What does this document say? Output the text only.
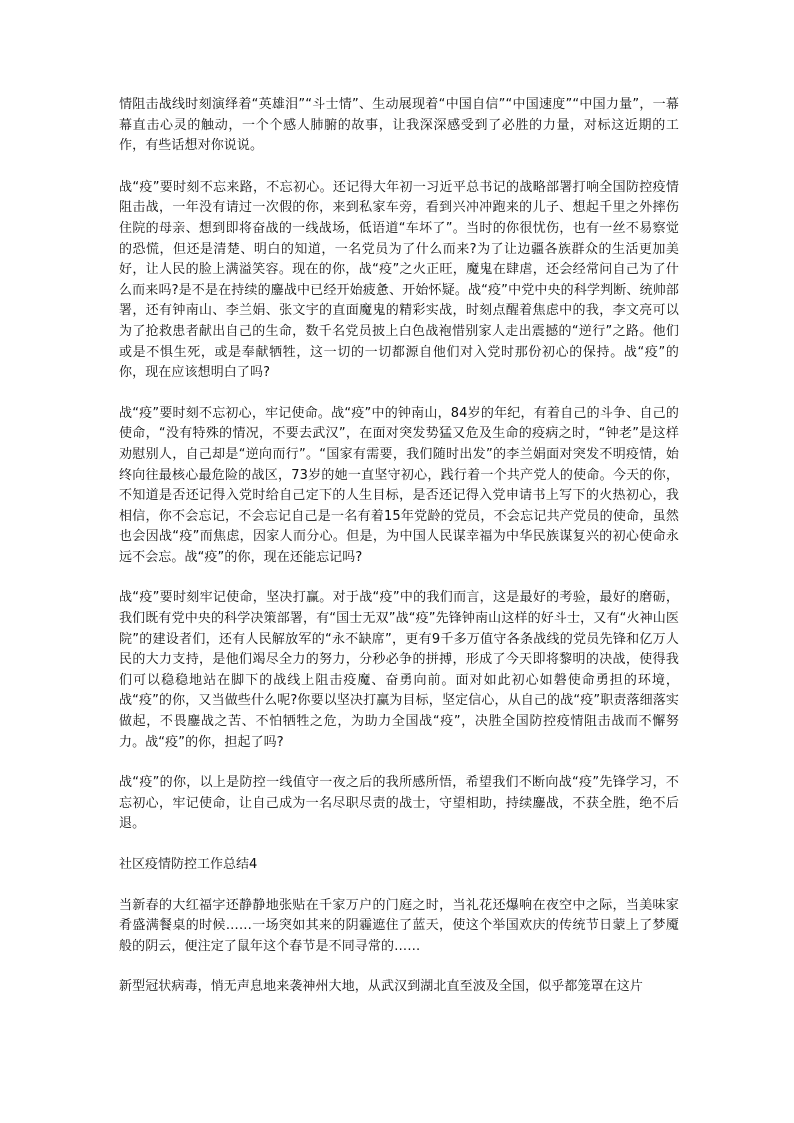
情阻击战线时刻演绎着“英雄泪”“斗士情”、生动展现着“中国自信”“中国速度”“中国力量”，一幕幕直击心灵的触动，一个个感人肺腑的故事，让我深深感受到了必胜的力量，对标这近期的工作，有些话想对你说说。

战“疫”要时刻不忘来路，不忘初心。还记得大年初一习近平总书记的战略部署打响全国防控疫情阻击战，一年没有请过一次假的你，来到私家车旁，看到兴冲冲跑来的儿子、想起千里之外摔伤住院的母亲、想到即将奋战的一线战场，低语道“车坏了”。当时的你很忧伤，也有一丝不易察觉的恐慌，但还是清楚、明白的知道，一名党员为了什么而来?为了让边疆各族群众的生活更加美好，让人民的脸上满溢笑容。现在的你，战“疫”之火正旺，魔鬼在肆虐，还会经常问自己为了什么而来吗?是不是在持续的鏖战中已经开始疲惫、开始怀疑。战“疫”中党中央的科学判断、统帅部署，还有钟南山、李兰娟、张文宇的直面魔鬼的精彩实战，时刻点醒着焦虑中的我，李文亮可以为了抢救患者献出自己的生命，数千名党员披上白色战袍惜别家人走出震撼的“逆行”之路。他们或是不惧生死，或是奉献牺牲，这一切的一切都源自他们对入党时那份初心的保持。战“疫”的你，现在应该想明白了吗?

战“疫”要时刻不忘初心，牢记使命。战“疫”中的钟南山，84岁的年纪，有着自己的斗争、自己的使命，“没有特殊的情况，不要去武汉”，在面对突发势猛又危及生命的疫病之时，“钟老”是这样劝慰别人，自己却是“逆向而行”。“国家有需要，我们随时出发”的李兰娟面对突发不明疫情，始终向往最核心最危险的战区，73岁的她一直坚守初心，践行着一个共产党人的使命。今天的你，不知道是否还记得入党时给自己定下的人生目标，是否还记得入党申请书上写下的火热初心，我相信，你不会忘记，不会忘记自己是一名有着15年党龄的党员，不会忘记共产党员的使命，虽然也会因战“疫”而焦虑，因家人而分心。但是，为中国人民谋幸福为中华民族谋复兴的初心使命永远不会忘。战“疫”的你，现在还能忘记吗?

战“疫”要时刻牢记使命，坚决打赢。对于战“疫”中的我们而言，这是最好的考验，最好的磨砺，我们既有党中央的科学决策部署，有“国士无双”战“疫”先锋钟南山这样的好斗士，又有“火神山医院”的建设者们，还有人民解放军的“永不缺席”，更有9千多万值守各条战线的党员先锋和亿万人民的大力支持，是他们竭尽全力的努力，分秒必争的拼搏，形成了今天即将黎明的决战，使得我们可以稳稳地站在脚下的战线上阻击疫魔、奋勇向前。面对如此初心如磐使命勇担的环境，战“疫”的你，又当做些什么呢?你要以坚决打赢为目标，坚定信心，从自己的战“疫”职责落细落实做起，不畏鏖战之苦、不怕牺牲之危，为助力全国战“疫”，决胜全国防控疫情阻击战而不懈努力。战“疫”的你，担起了吗?

战“疫”的你，以上是防控一线值守一夜之后的我所感所悟，希望我们不断向战“疫”先锋学习，不忘初心，牢记使命，让自己成为一名尽职尽责的战士，守望相助，持续鏖战，不获全胜，绝不后退。

社区疫情防控工作总结4

当新春的大红福字还静静地张贴在千家万户的门庭之时，当礼花还爆响在夜空中之际，当美味家肴盛满餐桌的时候……一场突如其来的阴霾遮住了蓝天，使这个举国欢庆的传统节日蒙上了梦魇般的阴云，便注定了鼠年这个春节是不同寻常的……

新型冠状病毒，悄无声息地来袭神州大地，从武汉到湖北直至波及全国，似乎都笼罩在这片
